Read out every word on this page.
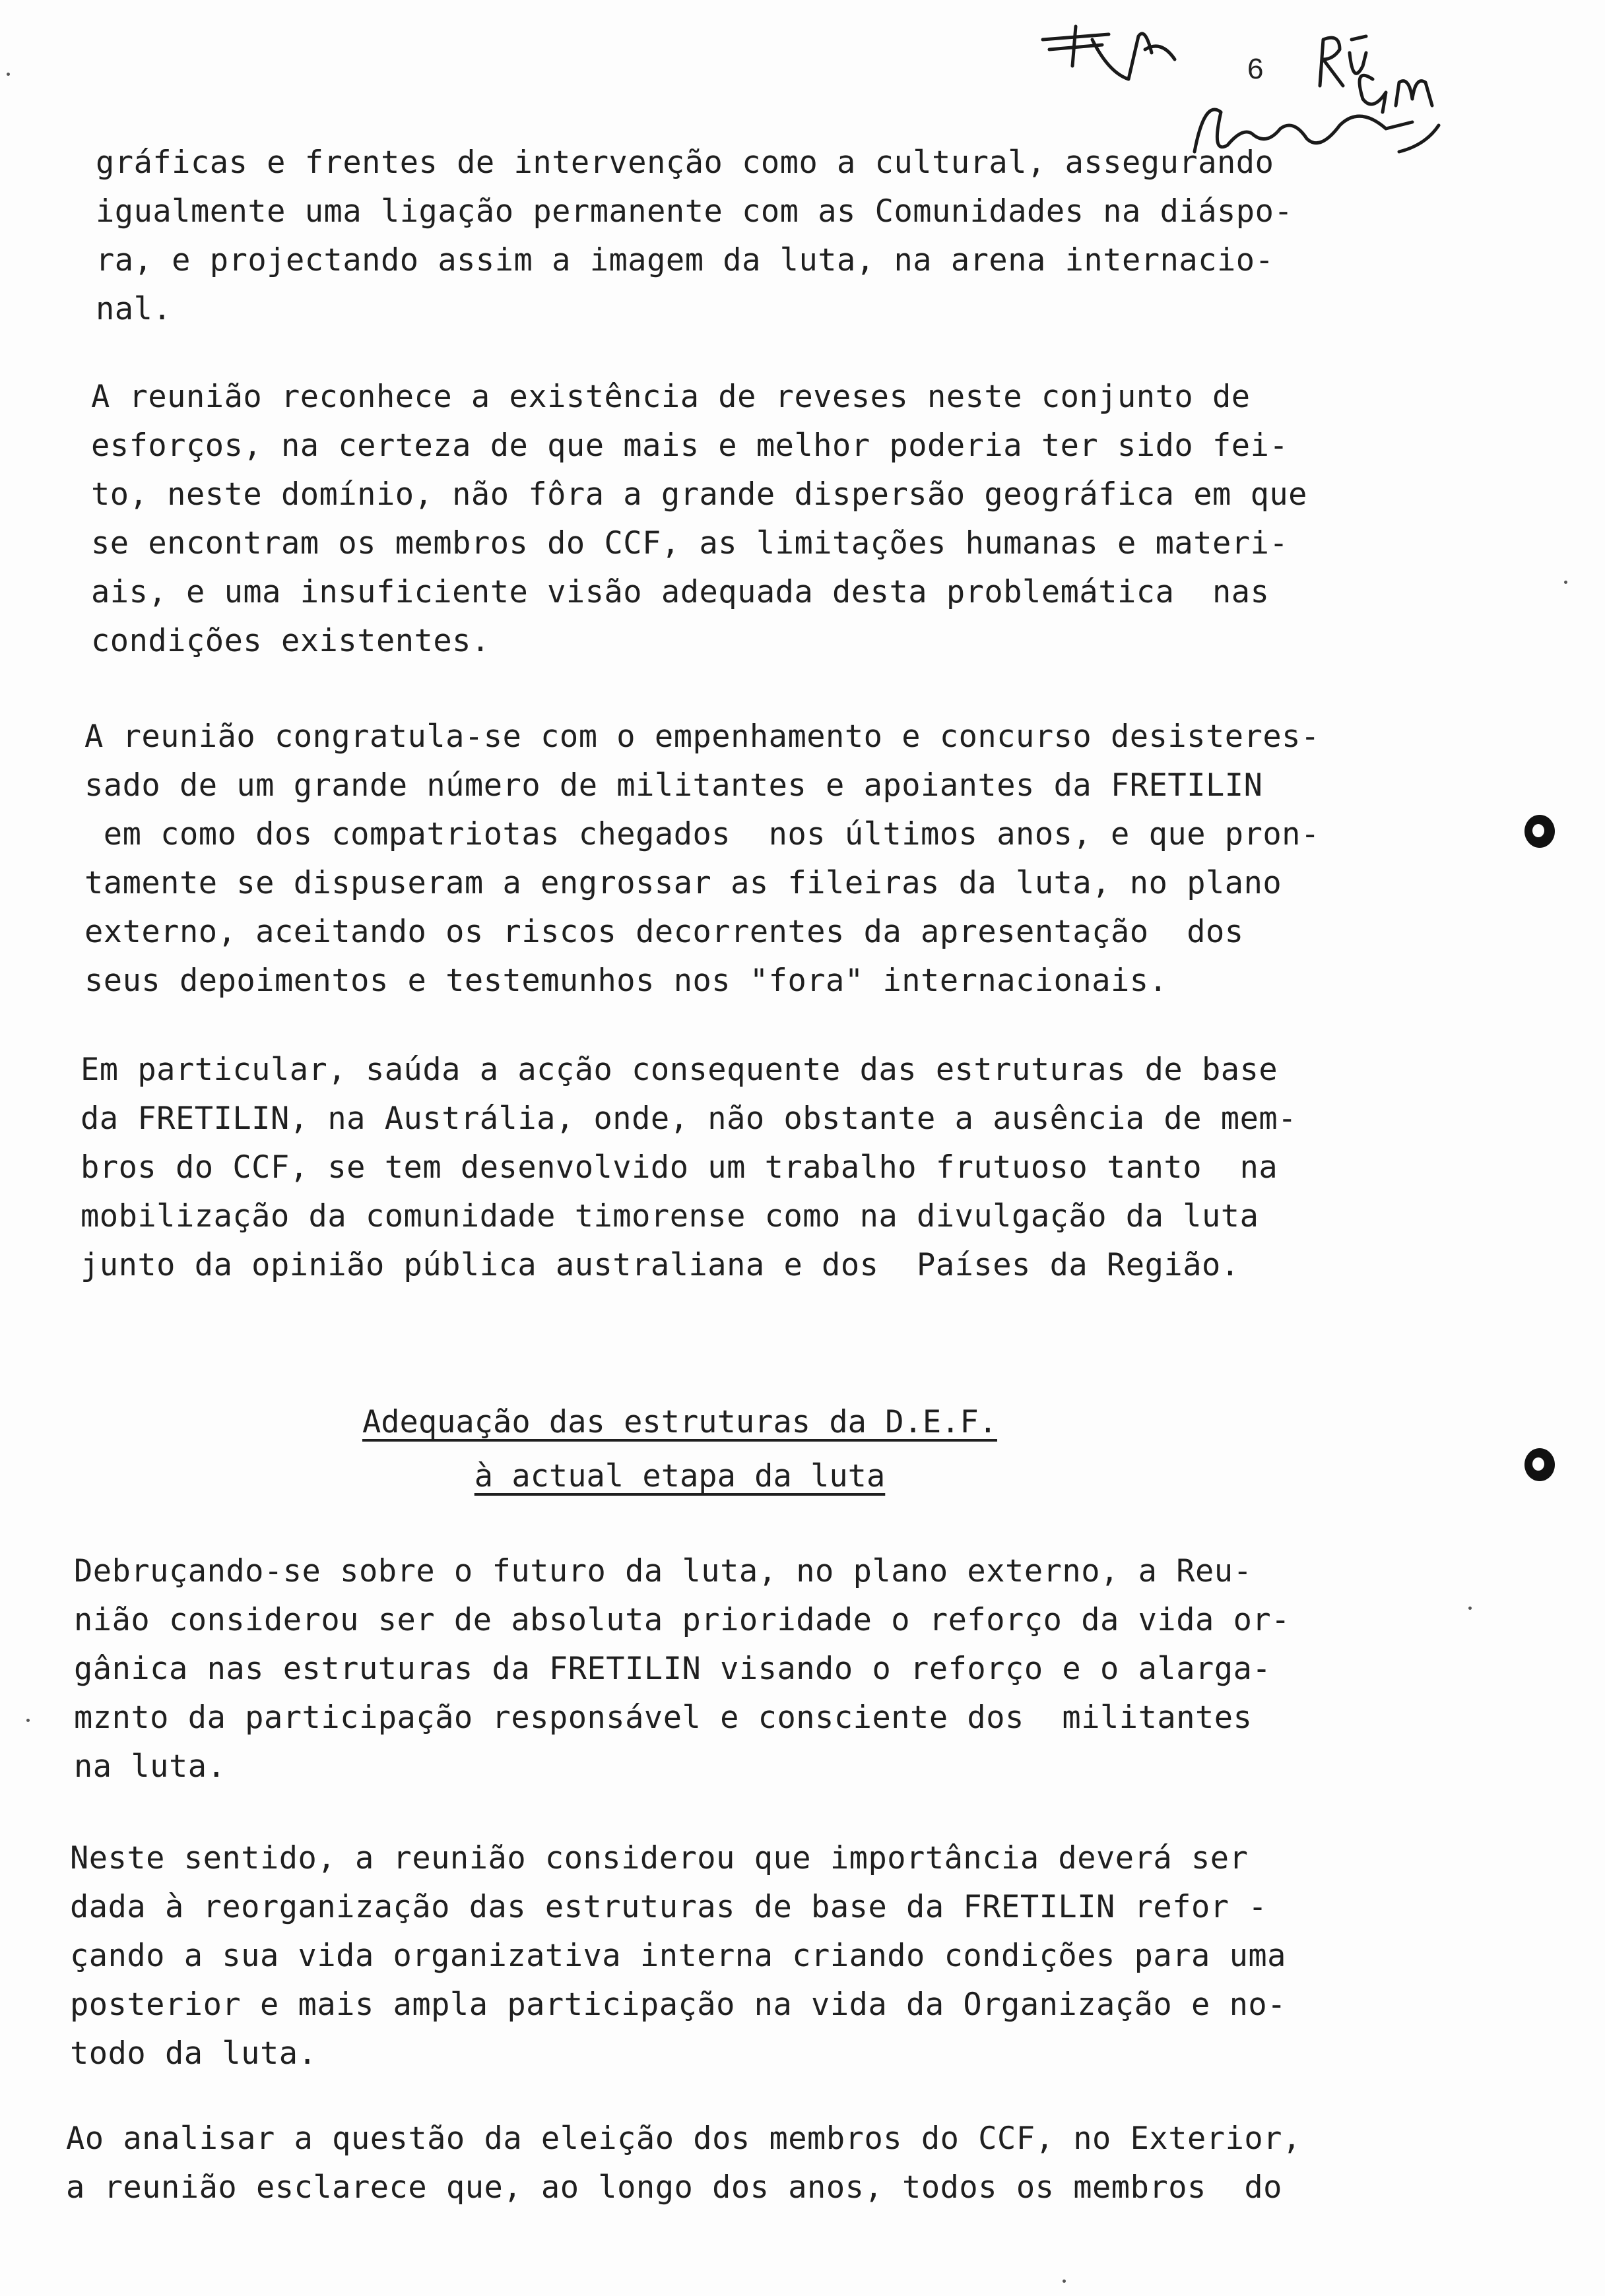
6
gráficas e frentes de intervenção como a cultural, assegurando
igualmente uma ligação permanente com as Comunidades na diáspo-
ra, e projectando assim a imagem da luta, na arena internacio-
nal.
A reunião reconhece a existência de reveses neste conjunto de
esforços, na certeza de que mais e melhor poderia ter sido fei-
to, neste domínio, não fôra a grande dispersão geográfica em que
se encontram os membros do CCF, as limitações humanas e materi-
ais, e uma insuficiente visão adequada desta problemática  nas
condições existentes.
A reunião congratula-se com o empenhamento e concurso desisteres-
sado de um grande número de militantes e apoiantes da FRETILIN
em como dos compatriotas chegados  nos últimos anos, e que pron-
tamente se dispuseram a engrossar as fileiras da luta, no plano
externo, aceitando os riscos decorrentes da apresentação  dos
seus depoimentos e testemunhos nos "fora" internacionais.
Em particular, saúda a acção consequente das estruturas de base
da FRETILIN, na Austrália, onde, não obstante a ausência de mem-
bros do CCF, se tem desenvolvido um trabalho frutuoso tanto  na
mobilização da comunidade timorense como na divulgação da luta
junto da opinião pública australiana e dos  Países da Região.
Adequação das estruturas da D.E.F.
à actual etapa da luta
Debruçando-se sobre o futuro da luta, no plano externo, a Reu-
nião considerou ser de absoluta prioridade o reforço da vida or-
gânica nas estruturas da FRETILIN visando o reforço e o alarga-
mznto da participação responsável e consciente dos  militantes
na luta.
Neste sentido, a reunião considerou que importância deverá ser
dada à reorganização das estruturas de base da FRETILIN refor -
çando a sua vida organizativa interna criando condições para uma
posterior e mais ampla participação na vida da Organização e no-
todo da luta.
Ao analisar a questão da eleição dos membros do CCF, no Exterior,
a reunião esclarece que, ao longo dos anos, todos os membros  do
